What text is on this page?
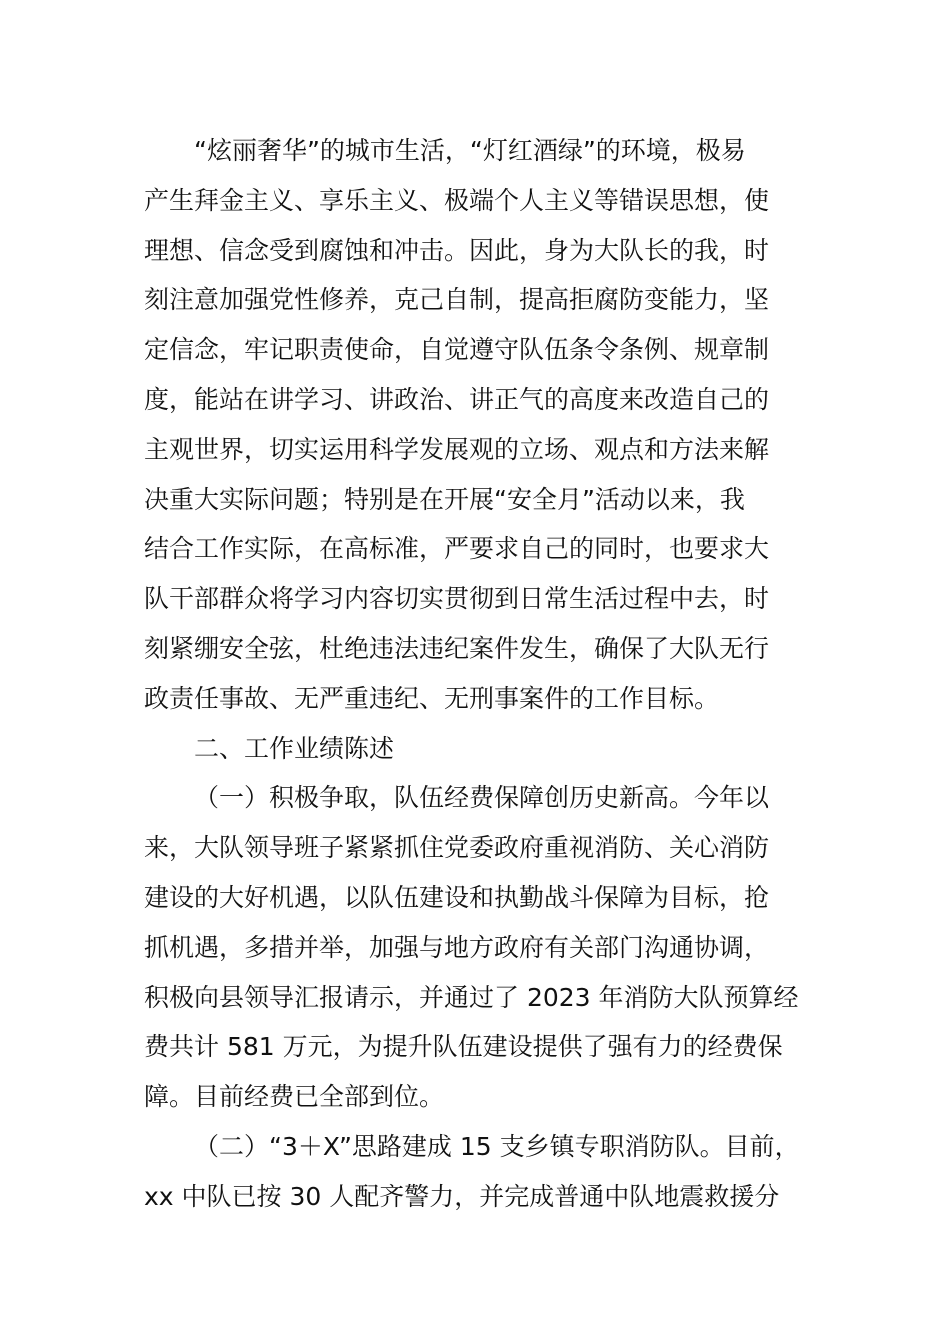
“炫丽奢华”的城市生活，“灯红酒绿”的环境，极易
产生拜金主义、享乐主义、极端个人主义等错误思想，使
理想、信念受到腐蚀和冲击。因此，身为大队长的我，时
刻注意加强党性修养，克己自制，提高拒腐防变能力，坚
定信念，牢记职责使命，自觉遵守队伍条令条例、规章制
度，能站在讲学习、讲政治、讲正气的高度来改造自己的
主观世界，切实运用科学发展观的立场、观点和方法来解
决重大实际问题；特别是在开展“安全月”活动以来，我
结合工作实际，在高标准，严要求自己的同时，也要求大
队干部群众将学习内容切实贯彻到日常生活过程中去，时
刻紧绷安全弦，杜绝违法违纪案件发生，确保了大队无行
政责任事故、无严重违纪、无刑事案件的工作目标。
二、工作业绩陈述
（一）积极争取，队伍经费保障创历史新高。今年以
来，大队领导班子紧紧抓住党委政府重视消防、关心消防
建设的大好机遇，以队伍建设和执勤战斗保障为目标，抢
抓机遇，多措并举，加强与地方政府有关部门沟通协调，
积极向县领导汇报请示，并通过了 2023 年消防大队预算经
费共计 581 万元，为提升队伍建设提供了强有力的经费保
障。目前经费已全部到位。
（二）“3＋X”思路建成 15 支乡镇专职消防队。目前，
xx 中队已按 30 人配齐警力，并完成普通中队地震救援分
